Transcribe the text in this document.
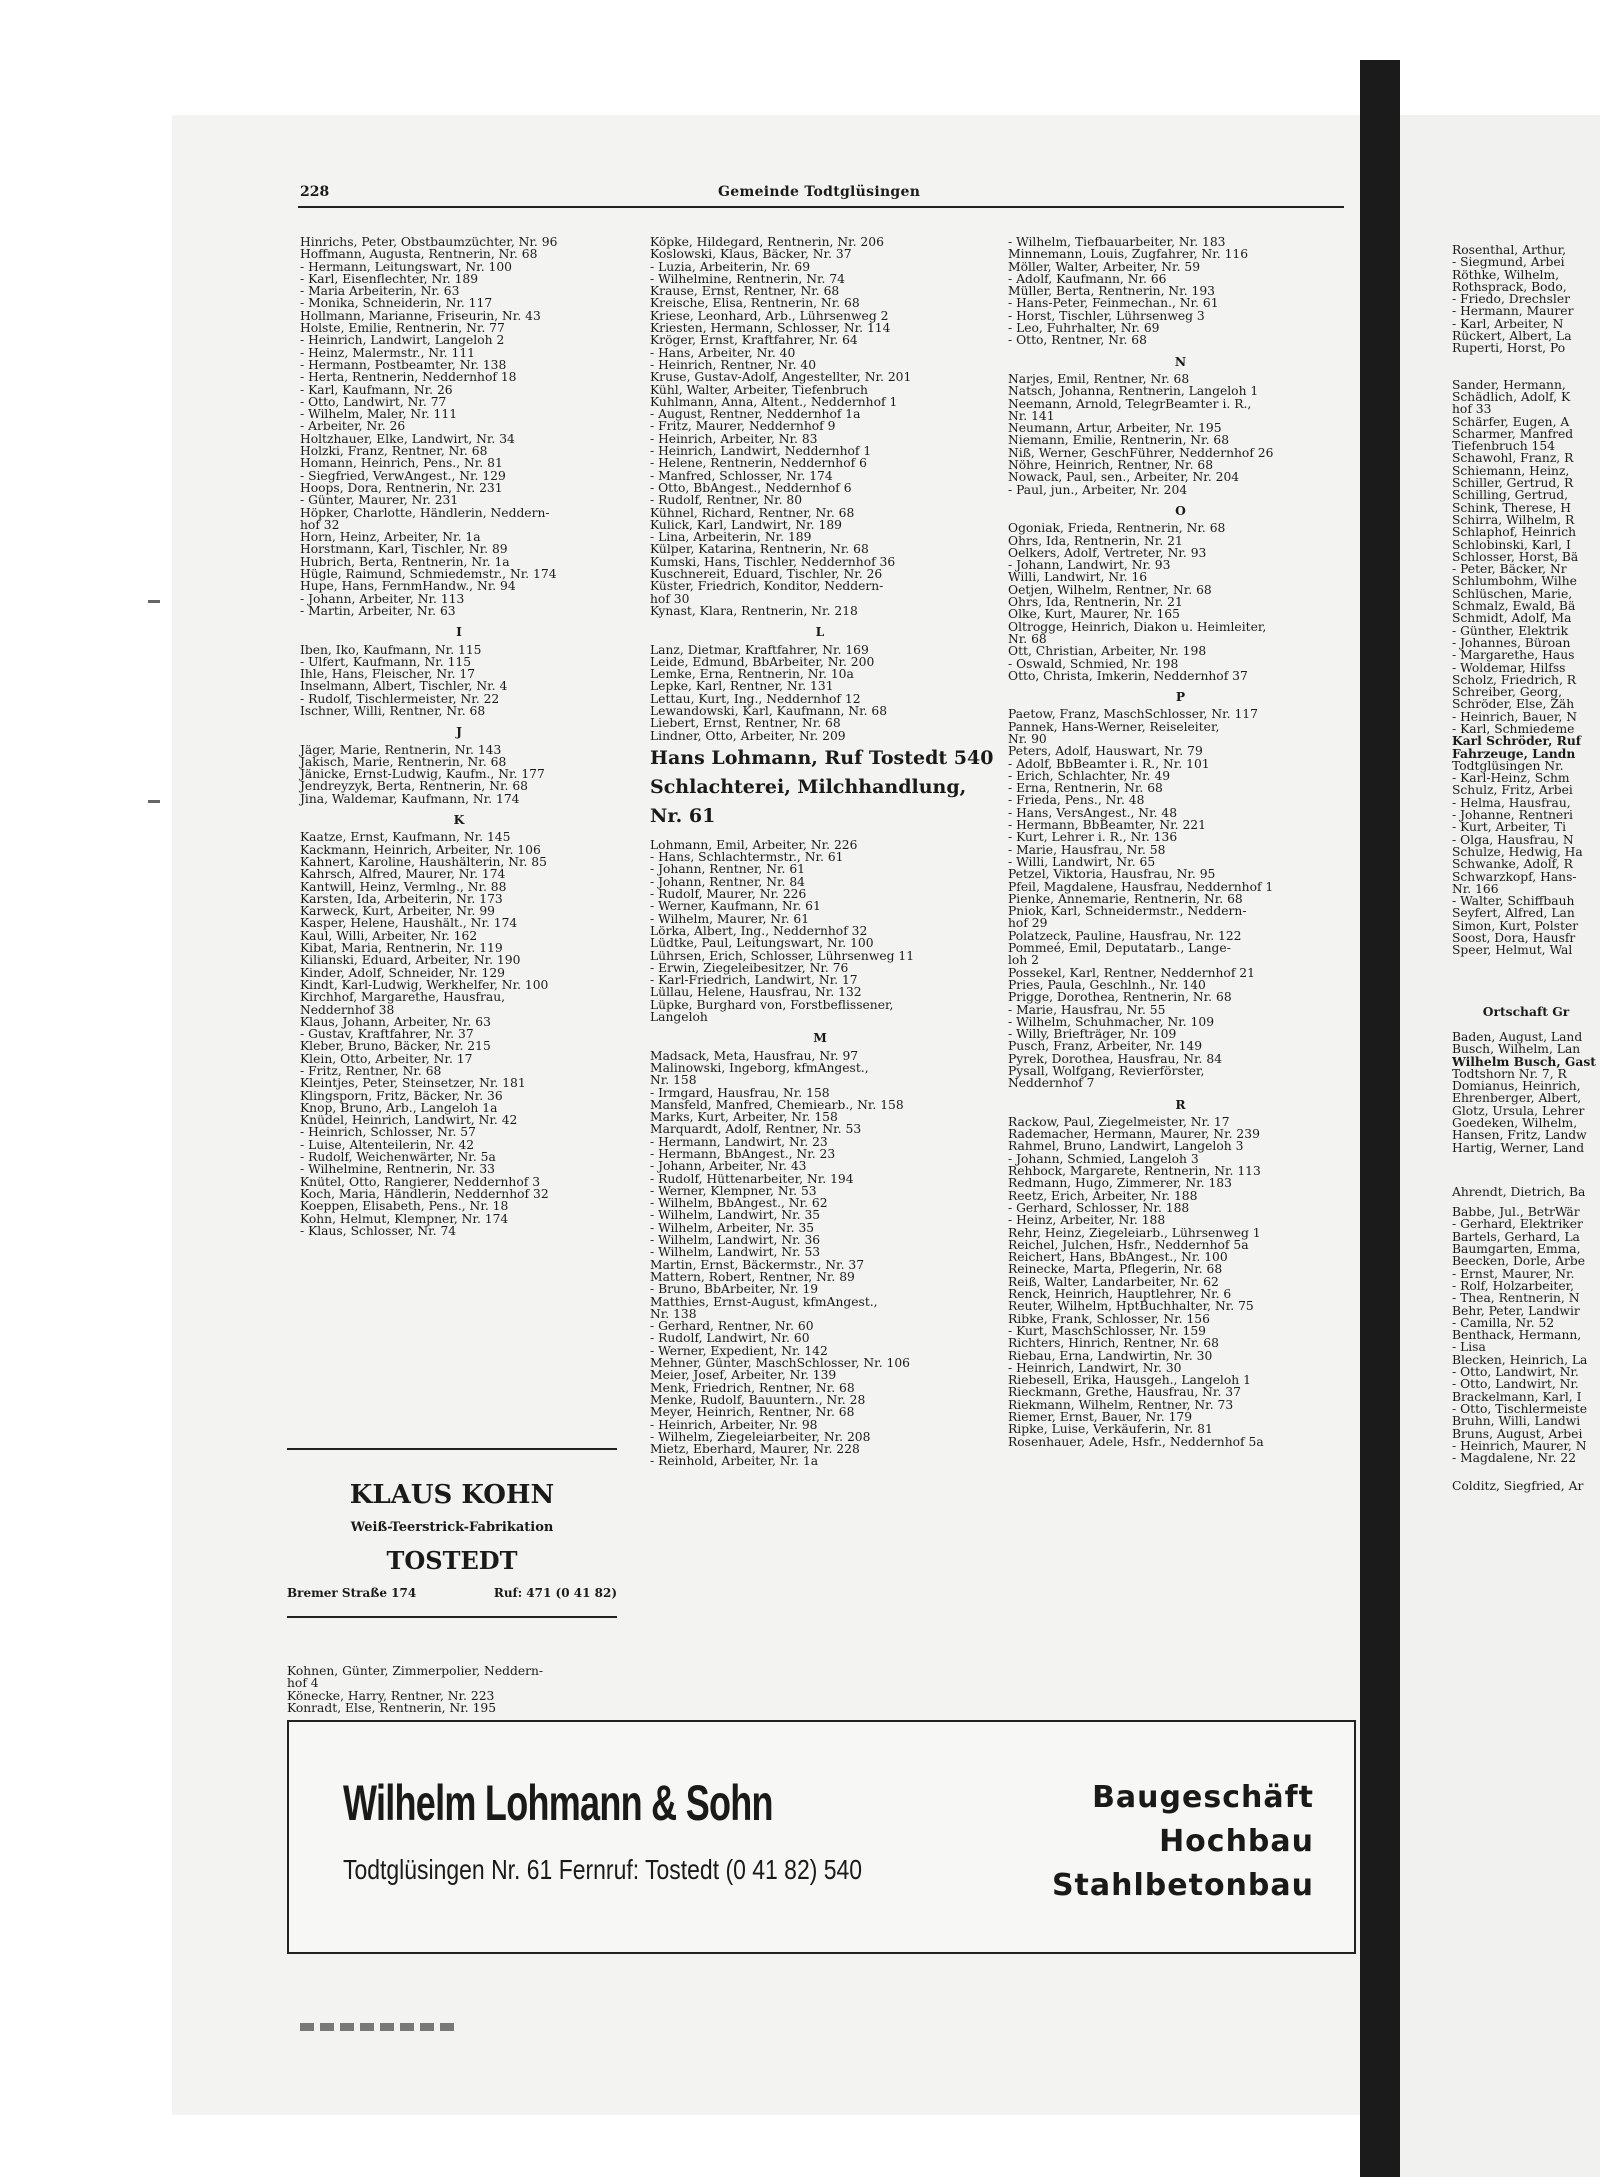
228	Gemeinde Todtglüsingen
Hinrichs, Peter, Obstbaumzüchter, Nr. 96
Hoffmann, Augusta, Rentnerin, Nr. 68
- Hermann, Leitungswart, Nr. 100
- Karl, Eisenflechter, Nr. 189
- Maria Arbeiterin, Nr. 63
- Monika, Schneiderin, Nr. 117
Hollmann, Marianne, Friseurin, Nr. 43
Holste, Emilie, Rentnerin, Nr. 77
- Heinrich, Landwirt, Langeloh 2
- Heinz, Malermstr., Nr. 111
- Hermann, Postbeamter, Nr. 138
- Herta, Rentnerin, Neddernhof 18
- Karl, Kaufmann, Nr. 26
- Otto, Landwirt, Nr. 77
- Wilhelm, Maler, Nr. 111
- Arbeiter, Nr. 26
Holtzhauer, Elke, Landwirt, Nr. 34
Holzki, Franz, Rentner, Nr. 68
Homann, Heinrich, Pens., Nr. 81
- Siegfried, VerwAngest., Nr. 129
Hoops, Dora, Rentnerin, Nr. 231
- Günter, Maurer, Nr. 231
Höpker, Charlotte, Händlerin, Neddern-
hof 32
Horn, Heinz, Arbeiter, Nr. 1a
Horstmann, Karl, Tischler, Nr. 89
Hubrich, Berta, Rentnerin, Nr. 1a
Hügle, Raimund, Schmiedemstr., Nr. 174
Hupe, Hans, FernmHandw., Nr. 94
- Johann, Arbeiter, Nr. 113
- Martin, Arbeiter, Nr. 63
I
Iben, Iko, Kaufmann, Nr. 115
- Ulfert, Kaufmann, Nr. 115
Ihle, Hans, Fleischer, Nr. 17
Inselmann, Albert, Tischler, Nr. 4
- Rudolf, Tischlermeister, Nr. 22
Ischner, Willi, Rentner, Nr. 68
J
Jäger, Marie, Rentnerin, Nr. 143
Jakisch, Marie, Rentnerin, Nr. 68
Jänicke, Ernst-Ludwig, Kaufm., Nr. 177
Jendreyzyk, Berta, Rentnerin, Nr. 68
Jina, Waldemar, Kaufmann, Nr. 174
K
Kaatze, Ernst, Kaufmann, Nr. 145
Kackmann, Heinrich, Arbeiter, Nr. 106
Kahnert, Karoline, Haushälterin, Nr. 85
Kahrsch, Alfred, Maurer, Nr. 174
Kantwill, Heinz, Vermlng., Nr. 88
Karsten, Ida, Arbeiterin, Nr. 173
Karweck, Kurt, Arbeiter, Nr. 99
Kasper, Helene, Haushält., Nr. 174
Kaul, Willi, Arbeiter, Nr. 162
Kibat, Maria, Rentnerin, Nr. 119
Kilianski, Eduard, Arbeiter, Nr. 190
Kinder, Adolf, Schneider, Nr. 129
Kindt, Karl-Ludwig, Werkhelfer, Nr. 100
Kirchhof, Margarethe, Hausfrau,
Neddernhof 38
Klaus, Johann, Arbeiter, Nr. 63
- Gustav, Kraftfahrer, Nr. 37
Kleber, Bruno, Bäcker, Nr. 215
Klein, Otto, Arbeiter, Nr. 17
- Fritz, Rentner, Nr. 68
Kleintjes, Peter, Steinsetzer, Nr. 181
Klingsporn, Fritz, Bäcker, Nr. 36
Knop, Bruno, Arb., Langeloh 1a
Knüdel, Heinrich, Landwirt, Nr. 42
- Heinrich, Schlosser, Nr. 57
- Luise, Altenteilerin, Nr. 42
- Rudolf, Weichenwärter, Nr. 5a
- Wilhelmine, Rentnerin, Nr. 33
Knütel, Otto, Rangierer, Neddernhof 3
Koch, Maria, Händlerin, Neddernhof 32
Koeppen, Elisabeth, Pens., Nr. 18
Kohn, Helmut, Klempner, Nr. 174
- Klaus, Schlosser, Nr. 74
KLAUS KOHN
Weiß-Teerstrick-Fabrikation
TOSTEDT
Bremer Straße 174	Ruf: 471 (0 41 82)
Kohnen, Günter, Zimmerpolier, Neddern-
hof 4
Könecke, Harry, Rentner, Nr. 223
Konradt, Else, Rentnerin, Nr. 195
Köpke, Hildegard, Rentnerin, Nr. 206
Koslowski, Klaus, Bäcker, Nr. 37
- Luzia, Arbeiterin, Nr. 69
- Wilhelmine, Rentnerin, Nr. 74
Krause, Ernst, Rentner, Nr. 68
Kreische, Elisa, Rentnerin, Nr. 68
Kriese, Leonhard, Arb., Lührsenweg 2
Kriesten, Hermann, Schlosser, Nr. 114
Kröger, Ernst, Kraftfahrer, Nr. 64
- Hans, Arbeiter, Nr. 40
- Heinrich, Rentner, Nr. 40
Kruse, Gustav-Adolf, Angestellter, Nr. 201
Kühl, Walter, Arbeiter, Tiefenbruch
Kuhlmann, Anna, Altent., Neddernhof 1
- August, Rentner, Neddernhof 1a
- Fritz, Maurer, Neddernhof 9
- Heinrich, Arbeiter, Nr. 83
- Heinrich, Landwirt, Neddernhof 1
- Helene, Rentnerin, Neddernhof 6
- Manfred, Schlosser, Nr. 174
- Otto, BbAngest., Neddernhof 6
- Rudolf, Rentner, Nr. 80
Kühnel, Richard, Rentner, Nr. 68
Kulick, Karl, Landwirt, Nr. 189
- Lina, Arbeiterin, Nr. 189
Külper, Katarina, Rentnerin, Nr. 68
Kumski, Hans, Tischler, Neddernhof 36
Kuschnereit, Eduard, Tischler, Nr. 26
Küster, Friedrich, Konditor, Neddern-
hof 30
Kynast, Klara, Rentnerin, Nr. 218
L
Lanz, Dietmar, Kraftfahrer, Nr. 169
Leide, Edmund, BbArbeiter, Nr. 200
Lemke, Erna, Rentnerin, Nr. 10a
Lepke, Karl, Rentner, Nr. 131
Lettau, Kurt, Ing., Neddernhof 12
Lewandowski, Karl, Kaufmann, Nr. 68
Liebert, Ernst, Rentner, Nr. 68
Lindner, Otto, Arbeiter, Nr. 209
Hans Lohmann, Ruf Tostedt 540
Schlachterei, Milchhandlung,
Nr. 61
Lohmann, Emil, Arbeiter, Nr. 226
- Hans, Schlachtermstr., Nr. 61
- Johann, Rentner, Nr. 61
- Johann, Rentner, Nr. 84
- Rudolf, Maurer, Nr. 226
- Werner, Kaufmann, Nr. 61
- Wilhelm, Maurer, Nr. 61
Lörka, Albert, Ing., Neddernhof 32
Lüdtke, Paul, Leitungswart, Nr. 100
Lührsen, Erich, Schlosser, Lührsenweg 11
- Erwin, Ziegeleibesitzer, Nr. 76
- Karl-Friedrich, Landwirt, Nr. 17
Lüllau, Helene, Hausfrau, Nr. 132
Lüpke, Burghard von, Forstbeflissener,
Langeloh
M
Madsack, Meta, Hausfrau, Nr. 97
Malinowski, Ingeborg, kfmAngest.,
Nr. 158
- Irmgard, Hausfrau, Nr. 158
Mansfeld, Manfred, Chemiearb., Nr. 158
Marks, Kurt, Arbeiter, Nr. 158
Marquardt, Adolf, Rentner, Nr. 53
- Hermann, Landwirt, Nr. 23
- Hermann, BbAngest., Nr. 23
- Johann, Arbeiter, Nr. 43
- Rudolf, Hüttenarbeiter, Nr. 194
- Werner, Klempner, Nr. 53
- Wilhelm, BbAngest., Nr. 62
- Wilhelm, Landwirt, Nr. 35
- Wilhelm, Arbeiter, Nr. 35
- Wilhelm, Landwirt, Nr. 36
- Wilhelm, Landwirt, Nr. 53
Martin, Ernst, Bäckermstr., Nr. 37
Mattern, Robert, Rentner, Nr. 89
- Bruno, BbArbeiter, Nr. 19
Matthies, Ernst-August, kfmAngest.,
Nr. 138
- Gerhard, Rentner, Nr. 60
- Rudolf, Landwirt, Nr. 60
- Werner, Expedient, Nr. 142
Mehner, Günter, MaschSchlosser, Nr. 106
Meier, Josef, Arbeiter, Nr. 139
Menk, Friedrich, Rentner, Nr. 68
Menke, Rudolf, Bauuntern., Nr. 28
Meyer, Heinrich, Rentner, Nr. 68
- Heinrich, Arbeiter, Nr. 98
- Wilhelm, Ziegeleiarbeiter, Nr. 208
Mietz, Eberhard, Maurer, Nr. 228
- Reinhold, Arbeiter, Nr. 1a
- Wilhelm, Tiefbauarbeiter, Nr. 183
Minnemann, Louis, Zugfahrer, Nr. 116
Möller, Walter, Arbeiter, Nr. 59
- Adolf, Kaufmann, Nr. 66
Müller, Berta, Rentnerin, Nr. 193
- Hans-Peter, Feinmechan., Nr. 61
- Horst, Tischler, Lührsenweg 3
- Leo, Fuhrhalter, Nr. 69
- Otto, Rentner, Nr. 68
N
Narjes, Emil, Rentner, Nr. 68
Natsch, Johanna, Rentnerin, Langeloh 1
Neemann, Arnold, TelegrBeamter i. R.,
Nr. 141
Neumann, Artur, Arbeiter, Nr. 195
Niemann, Emilie, Rentnerin, Nr. 68
Niß, Werner, GeschFührer, Neddernhof 26
Nöhre, Heinrich, Rentner, Nr. 68
Nowack, Paul, sen., Arbeiter, Nr. 204
- Paul, jun., Arbeiter, Nr. 204
O
Ogoniak, Frieda, Rentnerin, Nr. 68
Ohrs, Ida, Rentnerin, Nr. 21
Oelkers, Adolf, Vertreter, Nr. 93
- Johann, Landwirt, Nr. 93
Willi, Landwirt, Nr. 16
Oetjen, Wilhelm, Rentner, Nr. 68
Ohrs, Ida, Rentnerin, Nr. 21
Olke, Kurt, Maurer, Nr. 165
Oltrogge, Heinrich, Diakon u. Heimleiter,
Nr. 68
Ott, Christian, Arbeiter, Nr. 198
- Oswald, Schmied, Nr. 198
Otto, Christa, Imkerin, Neddernhof 37
P
Paetow, Franz, MaschSchlosser, Nr. 117
Pannek, Hans-Werner, Reiseleiter,
Nr. 90
Peters, Adolf, Hauswart, Nr. 79
- Adolf, BbBeamter i. R., Nr. 101
- Erich, Schlachter, Nr. 49
- Erna, Rentnerin, Nr. 68
- Frieda, Pens., Nr. 48
- Hans, VersAngest., Nr. 48
- Hermann, BbBeamter, Nr. 221
- Kurt, Lehrer i. R., Nr. 136
- Marie, Hausfrau, Nr. 58
- Willi, Landwirt, Nr. 65
Petzel, Viktoria, Hausfrau, Nr. 95
Pfeil, Magdalene, Hausfrau, Neddernhof 1
Pienke, Annemarie, Rentnerin, Nr. 68
Pniok, Karl, Schneidermstr., Neddern-
hof 29
Polatzeck, Pauline, Hausfrau, Nr. 122
Pommeé, Emil, Deputatarb., Lange-
loh 2
Possekel, Karl, Rentner, Neddernhof 21
Pries, Paula, Geschlnh., Nr. 140
Prigge, Dorothea, Rentnerin, Nr. 68
- Marie, Hausfrau, Nr. 55
- Wilhelm, Schuhmacher, Nr. 109
- Willy, Briefträger, Nr. 109
Pusch, Franz, Arbeiter, Nr. 149
Pyrek, Dorothea, Hausfrau, Nr. 84
Pysall, Wolfgang, Revierförster,
Neddernhof 7
R
Rackow, Paul, Ziegelmeister, Nr. 17
Rademacher, Hermann, Maurer, Nr. 239
Rahmel, Bruno, Landwirt, Langeloh 3
- Johann, Schmied, Langeloh 3
Rehbock, Margarete, Rentnerin, Nr. 113
Redmann, Hugo, Zimmerer, Nr. 183
Reetz, Erich, Arbeiter, Nr. 188
- Gerhard, Schlosser, Nr. 188
- Heinz, Arbeiter, Nr. 188
Rehr, Heinz, Ziegeleiarb., Lührsenweg 1
Reichel, Julchen, Hsfr., Neddernhof 5a
Reichert, Hans, BbAngest., Nr. 100
Reinecke, Marta, Pflegerin, Nr. 68
Reiß, Walter, Landarbeiter, Nr. 62
Renck, Heinrich, Hauptlehrer, Nr. 6
Reuter, Wilhelm, HptBuchhalter, Nr. 75
Ribke, Frank, Schlosser, Nr. 156
- Kurt, MaschSchlosser, Nr. 159
Richters, Hinrich, Rentner, Nr. 68
Riebau, Erna, Landwirtin, Nr. 30
- Heinrich, Landwirt, Nr. 30
Riebesell, Erika, Hausgeh., Langeloh 1
Rieckmann, Grethe, Hausfrau, Nr. 37
Riekmann, Wilhelm, Rentner, Nr. 73
Riemer, Ernst, Bauer, Nr. 179
Ripke, Luise, Verkäuferin, Nr. 81
Rosenhauer, Adele, Hsfr., Neddernhof 5a
Rosenthal, Arthur,
- Siegmund, Arbei
Röthke, Wilhelm,
Rothsprack, Bodo,
- Friedo, Drechsler
- Hermann, Maurer
- Karl, Arbeiter, N
Rückert, Albert, La
Ruperti, Horst, Po
Sander, Hermann,
Schädlich, Adolf, K
hof 33
Schärfer, Eugen, A
Scharmer, Manfred
Tiefenbruch 154
Schawohl, Franz, R
Schiemann, Heinz,
Schiller, Gertrud, R
Schilling, Gertrud,
Schink, Therese, H
Schirra, Wilhelm, R
Schlaphof, Heinrich
Schlobinski, Karl, I
Schlosser, Horst, Bä
- Peter, Bäcker, Nr
Schlumbohm, Wilhe
Schlüschen, Marie,
Schmalz, Ewald, Bä
Schmidt, Adolf, Ma
- Günther, Elektrik
- Johannes, Büroan
- Margarethe, Haus
- Woldemar, Hilfss
Scholz, Friedrich, R
Schreiber, Georg,
Schröder, Else, Zäh
- Heinrich, Bauer, N
- Karl, Schmiedeme
Karl Schröder, Ruf
Fahrzeuge, Landn
Todtglüsingen Nr.
- Karl-Heinz, Schm
Schulz, Fritz, Arbei
- Helma, Hausfrau,
- Johanne, Rentneri
- Kurt, Arbeiter, Ti
- Olga, Hausfrau, N
Schulze, Hedwig, Ha
Schwanke, Adolf, R
Schwarzkopf, Hans-
Nr. 166
- Walter, Schiffbauh
Seyfert, Alfred, Lan
Simon, Kurt, Polster
Soost, Dora, Hausfr
Speer, Helmut, Wal
Ortschaft Gr
Baden, August, Land
Busch, Wilhelm, Lan
Wilhelm Busch, Gast
Todtshorn Nr. 7, R
Domianus, Heinrich,
Ehrenberger, Albert,
Glotz, Ursula, Lehrer
Goedeken, Wilhelm,
Hansen, Fritz, Landw
Hartig, Werner, Land
Ahrendt, Dietrich, Ba
Babbe, Jul., BetrWär
- Gerhard, Elektriker
Bartels, Gerhard, La
Baumgarten, Emma,
Beecken, Dorle, Arbe
- Ernst, Maurer, Nr.
- Rolf, Holzarbeiter,
- Thea, Rentnerin, N
Behr, Peter, Landwir
- Camilla, Nr. 52
Benthack, Hermann,
- Lisa
Blecken, Heinrich, La
- Otto, Landwirt, Nr.
- Otto, Landwirt, Nr.
Brackelmann, Karl, I
- Otto, Tischlermeiste
Bruhn, Willi, Landwi
Bruns, August, Arbei
- Heinrich, Maurer, N
- Magdalene, Nr. 22
Colditz, Siegfried, Ar
Wilhelm Lohmann & Sohn
Todtglüsingen Nr. 61 Fernruf: Tostedt (0 41 82) 540
Baugeschäft
Hochbau
Stahlbetonbau
